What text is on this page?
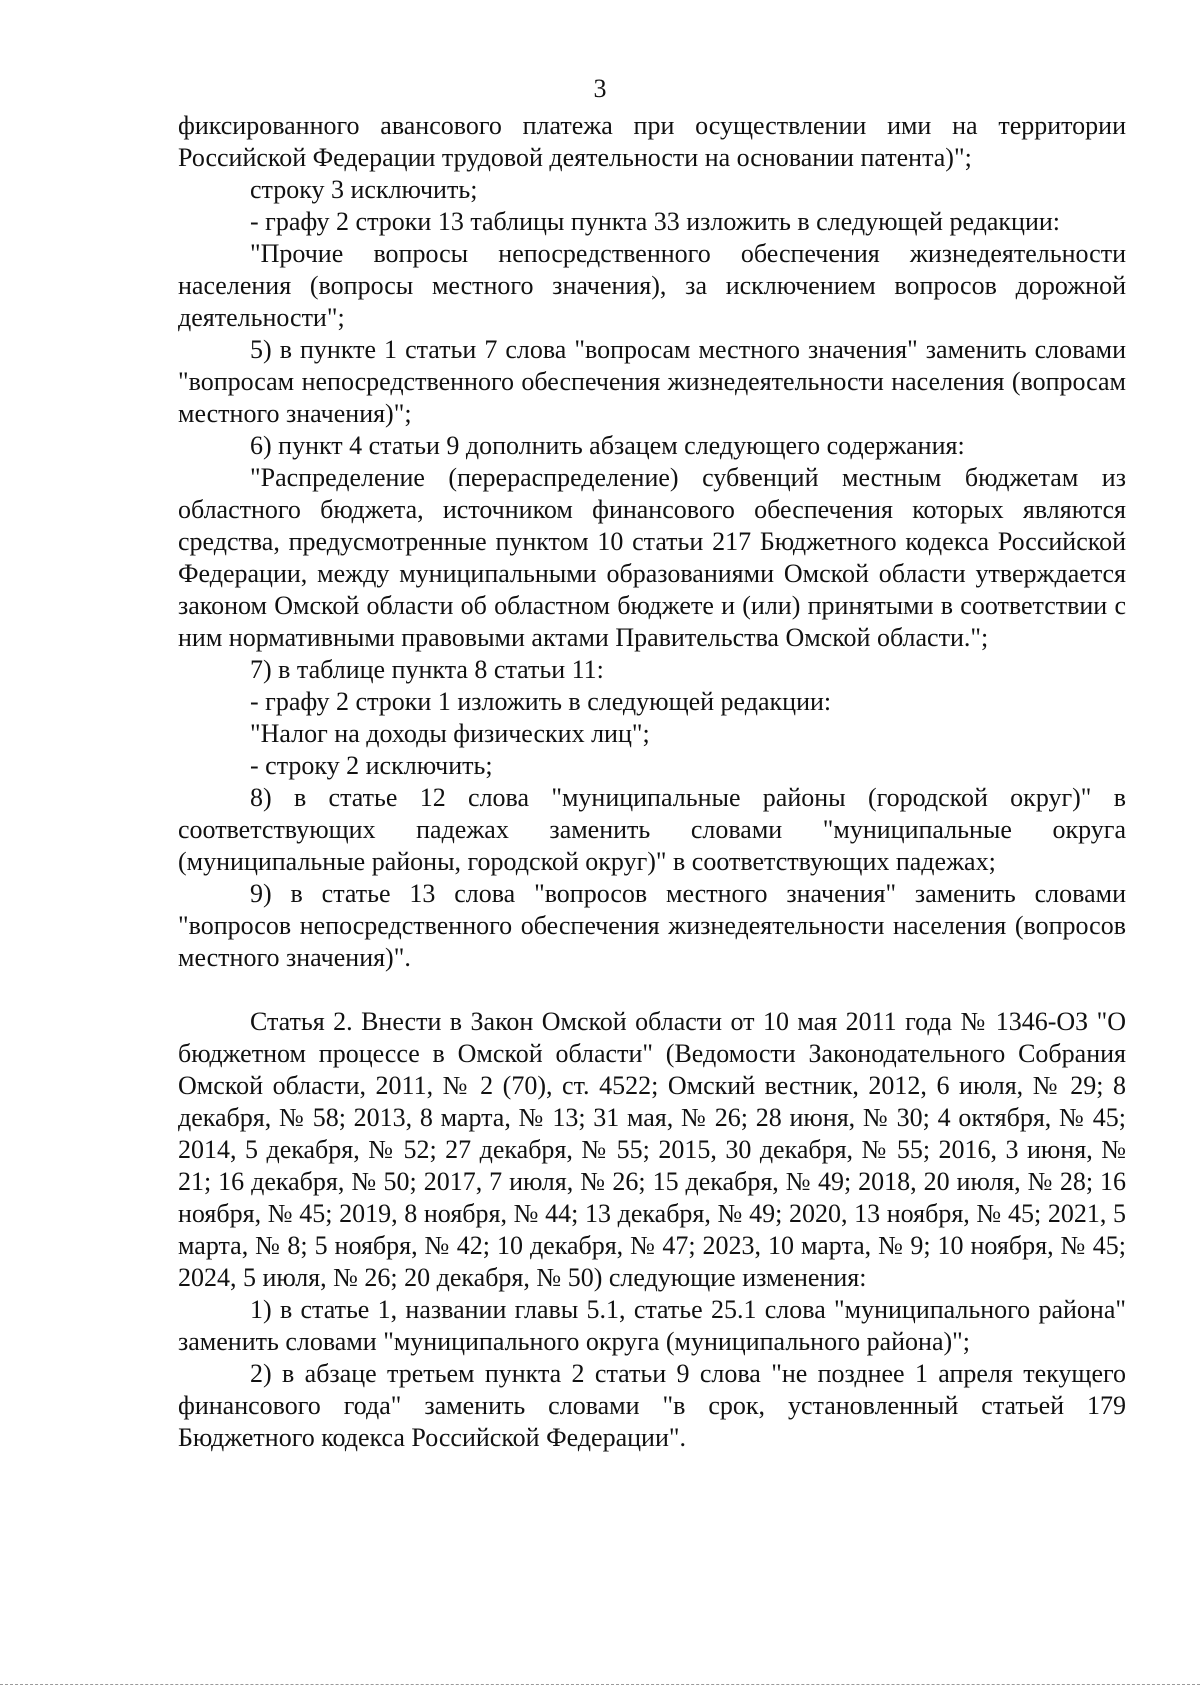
3

фиксированного авансового платежа при осуществлении ими на территории Российской Федерации трудовой деятельности на основании патента)";

строку 3 исключить;

- графу 2 строки 13 таблицы пункта 33 изложить в следующей редакции:

"Прочие вопросы непосредственного обеспечения жизнедеятельности населения (вопросы местного значения), за исключением вопросов дорожной деятельности";

5) в пункте 1 статьи 7 слова "вопросам местного значения" заменить словами "вопросам непосредственного обеспечения жизнедеятельности населения (вопросам местного значения)";

6) пункт 4 статьи 9 дополнить абзацем следующего содержания:

"Распределение (перераспределение) субвенций местным бюджетам из областного бюджета, источником финансового обеспечения которых являются средства, предусмотренные пунктом 10 статьи 217 Бюджетного кодекса Российской Федерации, между муниципальными образованиями Омской области утверждается законом Омской области об областном бюджете и (или) принятыми в соответствии с ним нормативными правовыми актами Правительства Омской области.";

7) в таблице пункта 8 статьи 11:

- графу 2 строки 1 изложить в следующей редакции:

"Налог на доходы физических лиц";

- строку 2 исключить;

8) в статье 12 слова "муниципальные районы (городской округ)" в соответствующих падежах заменить словами "муниципальные округа (муниципальные районы, городской округ)" в соответствующих падежах;

9) в статье 13 слова "вопросов местного значения" заменить словами "вопросов непосредственного обеспечения жизнедеятельности населения (вопросов местного значения)".

Статья 2. Внести в Закон Омской области от 10 мая 2011 года № 1346-ОЗ "О бюджетном процессе в Омской области" (Ведомости Законодательного Собрания Омской области, 2011, № 2 (70), ст. 4522; Омский вестник, 2012, 6 июля, № 29; 8 декабря, № 58; 2013, 8 марта, № 13; 31 мая, № 26; 28 июня, № 30; 4 октября, № 45; 2014, 5 декабря, № 52; 27 декабря, № 55; 2015, 30 декабря, № 55; 2016, 3 июня, № 21; 16 декабря, № 50; 2017, 7 июля, № 26; 15 декабря, № 49; 2018, 20 июля, № 28; 16 ноября, № 45; 2019, 8 ноября, № 44; 13 декабря, № 49; 2020, 13 ноября, № 45; 2021, 5 марта, № 8; 5 ноября, № 42; 10 декабря, № 47; 2023, 10 марта, № 9; 10 ноября, № 45; 2024, 5 июля, № 26; 20 декабря, № 50) следующие изменения:

1) в статье 1, названии главы 5.1, статье 25.1 слова "муниципального района" заменить словами "муниципального округа (муниципального района)";

2) в абзаце третьем пункта 2 статьи 9 слова "не позднее 1 апреля текущего финансового года" заменить словами "в срок, установленный статьей 179 Бюджетного кодекса Российской Федерации".
